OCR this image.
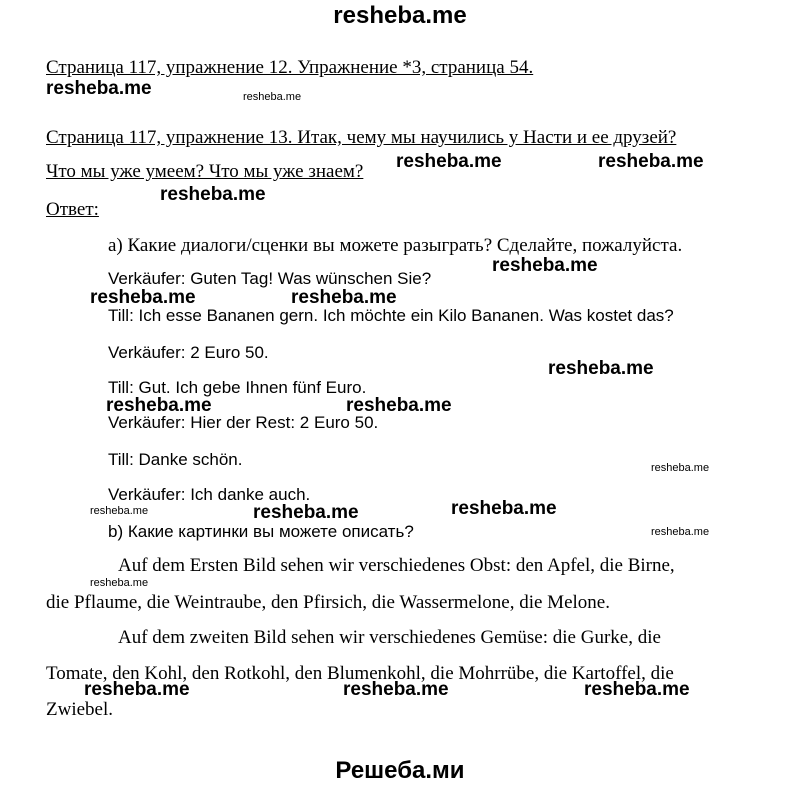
resheba.me
Страница 117, упражнение 12. Упражнение *3, страница 54.
Страница 117, упражнение 13. Итак, чему мы научились у Насти и ее друзей?
Что мы уже умеем? Что мы уже знаем?
Ответ:
а) Какие диалоги/сценки вы можете разыграть? Сделайте, пожалуйста.
Verkäufer: Guten Tag! Was wünschen Sie?
Till: Ich esse Bananen gern. Ich möchte ein Kilo Bananen. Was kostet das?
Verkäufer: 2 Euro 50.
Till: Gut. Ich gebe Ihnen fünf Euro.
Verkäufer: Hier der Rest: 2 Euro 50.
Till: Danke schön.
Verkäufer: Ich danke auch.
b) Какие картинки вы можете описать?
Auf dem Ersten Bild sehen wir verschiedenes Obst: den Apfel, die Birne,
die Pflaume, die Weintraube, den Pfirsich, die Wassermelone, die Melone.
Auf dem zweiten Bild sehen wir verschiedenes Gemüse: die Gurke, die
Tomate, den Kohl, den Rotkohl, den Blumenkohl, die Mohrrübe, die Kartoffel, die
Zwiebel.
resheba.me	resheba.me
resheba.me	resheba.me
resheba.me
resheba.me
resheba.me	resheba.me
resheba.me
resheba.me	resheba.me
resheba.me
resheba.me	resheba.me	resheba.me
resheba.me
resheba.me
resheba.me	resheba.me	resheba.me
Решеба.ми
